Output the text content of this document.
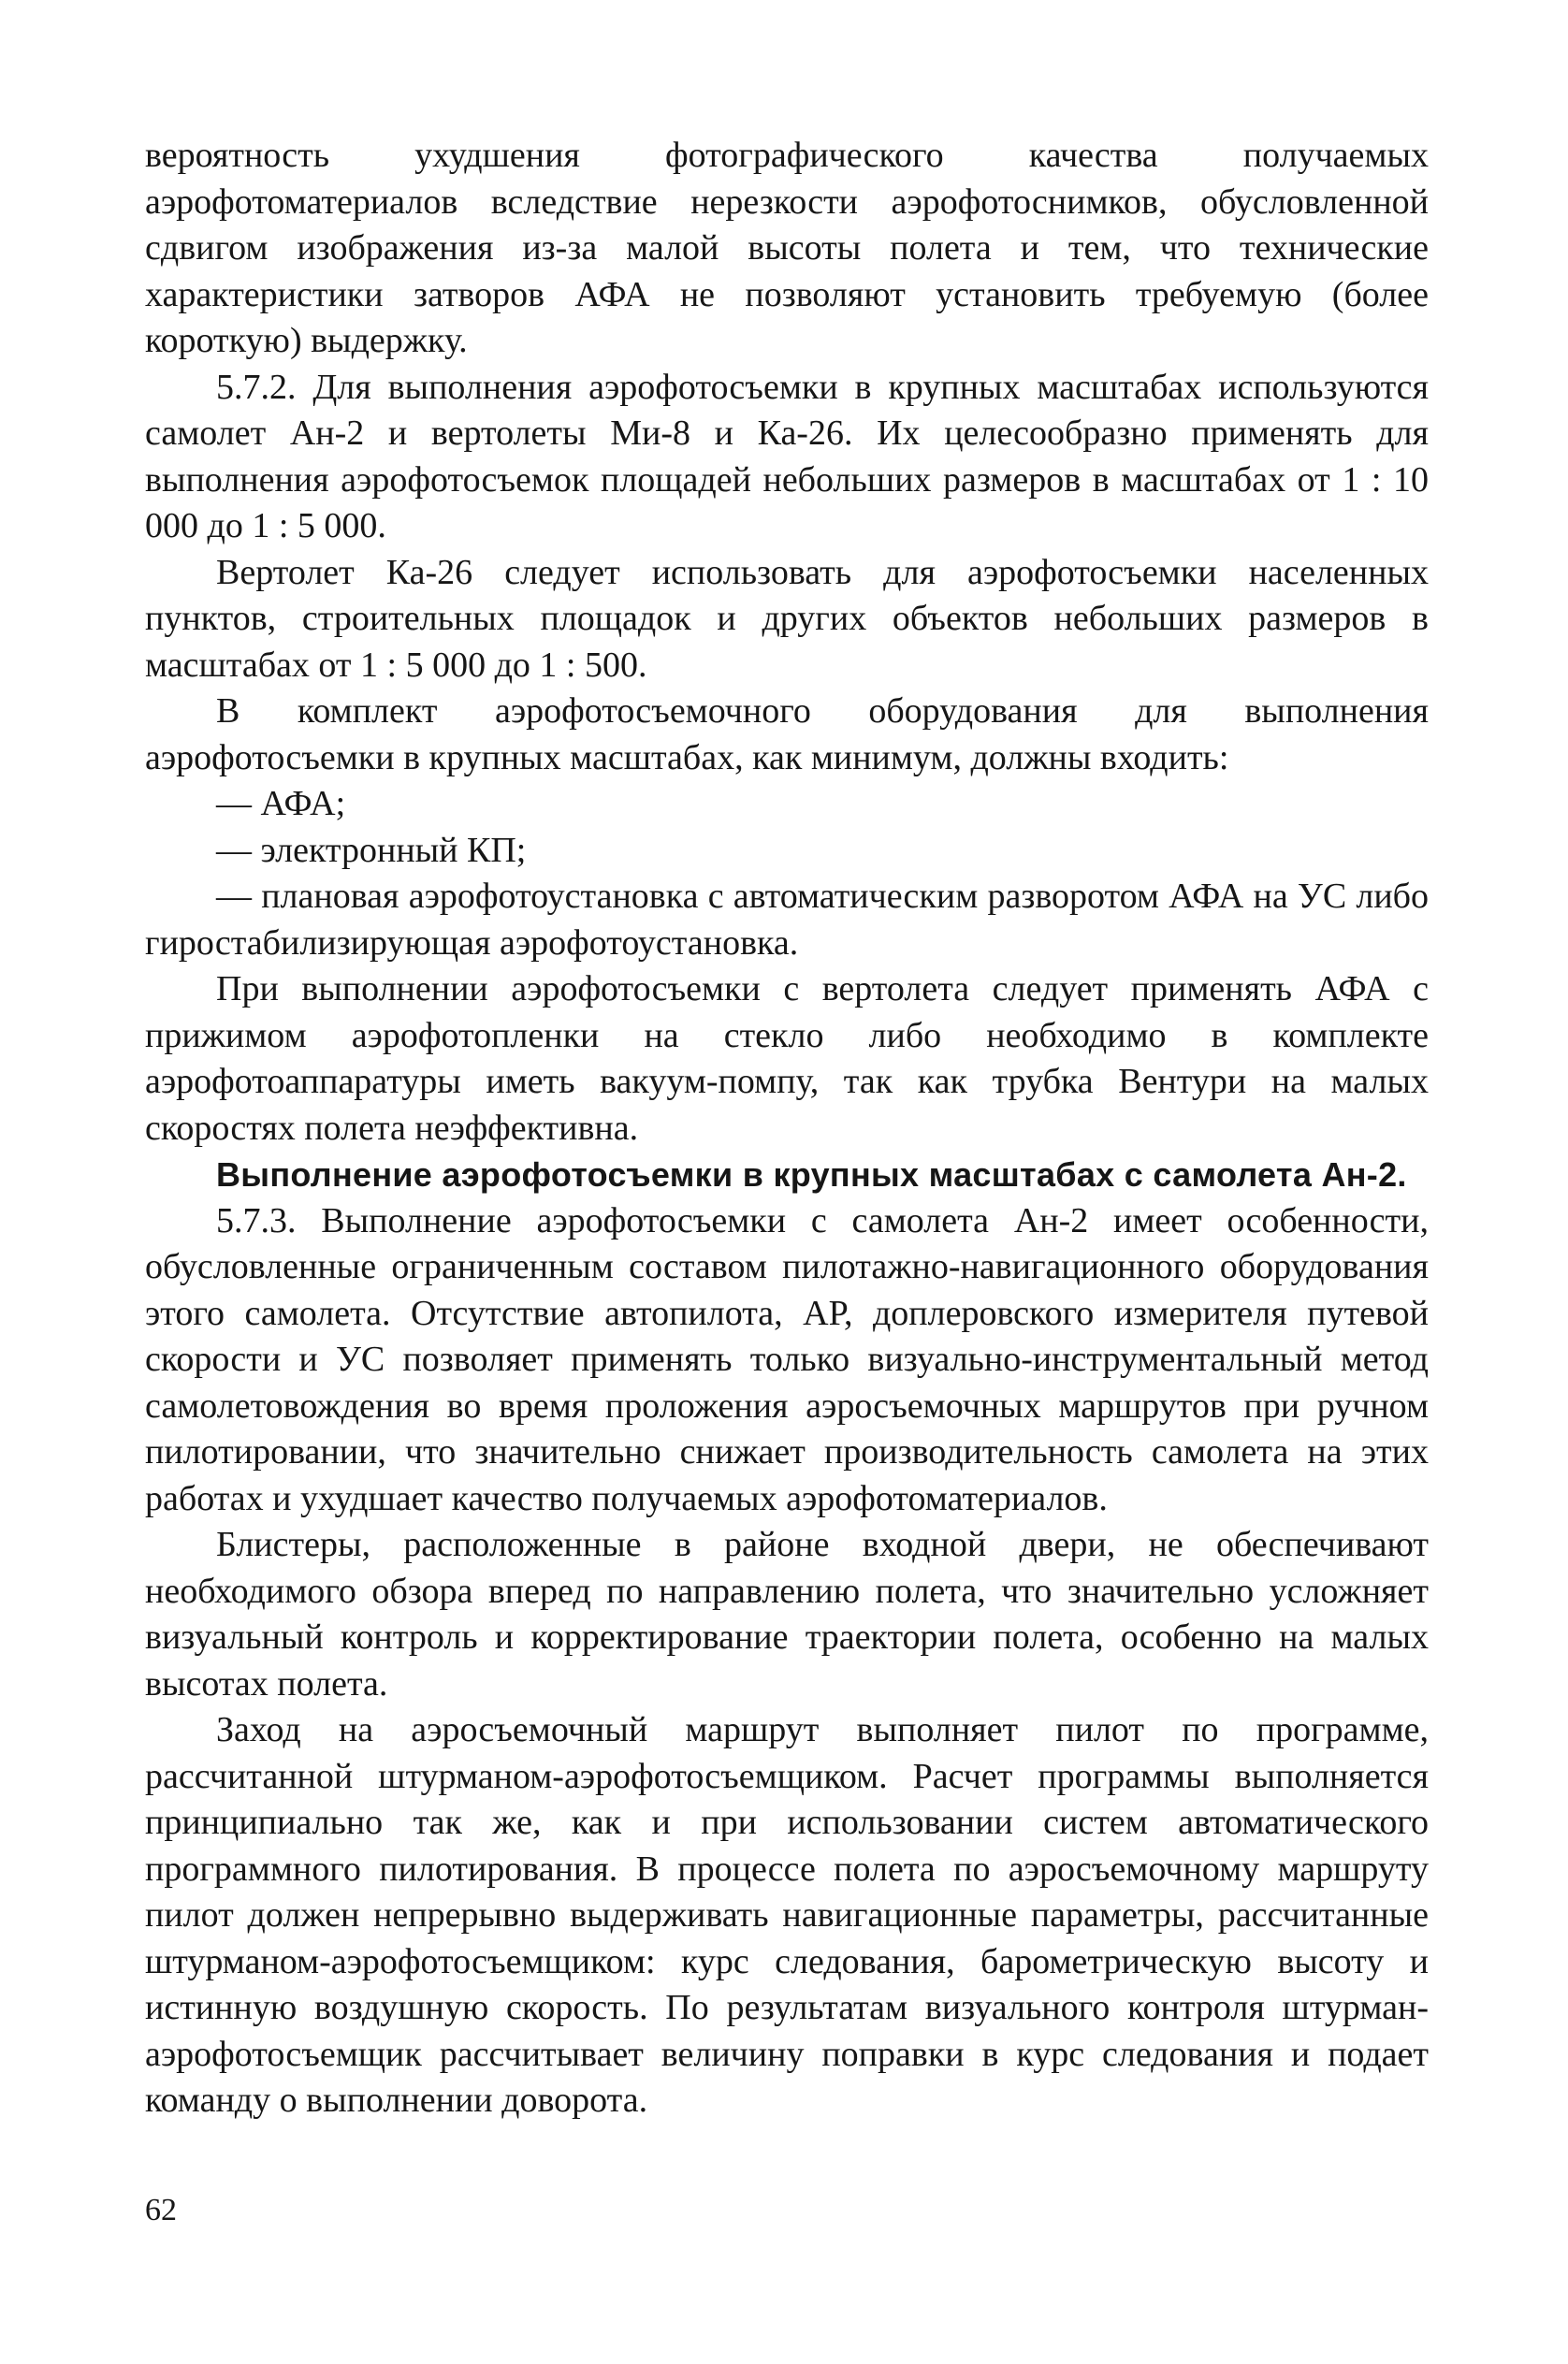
вероятность ухудшения фотографического качества получаемых аэрофотоматериалов вследствие нерезкости аэрофотоснимков, обусловленной сдвигом изображения из-за малой высоты полета и тем, что технические характеристики затворов АФА не позволяют установить требуемую (более короткую) выдержку.

5.7.2. Для выполнения аэрофотосъемки в крупных масштабах используются самолет Ан-2 и вертолеты Ми-8 и Ка-26. Их целесообразно применять для выполнения аэрофотосъемок площадей небольших размеров в масштабах от 1 : 10 000 до 1 : 5 000.

Вертолет Ка-26 следует использовать для аэрофотосъемки населенных пунктов, строительных площадок и других объектов небольших размеров в масштабах от 1 : 5 000 до 1 : 500.

В комплект аэрофотосъемочного оборудования для выполнения аэрофотосъемки в крупных масштабах, как минимум, должны входить:

— АФА;

— электронный КП;

— плановая аэрофотоустановка с автоматическим разворотом АФА на УС либо гиростабилизирующая аэрофотоустановка.

При выполнении аэрофотосъемки с вертолета следует применять АФА с прижимом аэрофотопленки на стекло либо необходимо в комплекте аэрофотоаппаратуры иметь вакуум-помпу, так как трубка Вентури на малых скоростях полета неэффективна.

Выполнение аэрофотосъемки в крупных масштабах с самолета Ан-2.

5.7.3. Выполнение аэрофотосъемки с самолета Ан-2 имеет особенности, обусловленные ограниченным составом пилотажно-навигационного оборудования этого самолета. Отсутствие автопилота, АР, доплеровского измерителя путевой скорости и УС позволяет применять только визуально-инструментальный метод самолетовождения во время проложения аэросъемочных маршрутов при ручном пилотировании, что значительно снижает производительность самолета на этих работах и ухудшает качество получаемых аэрофотоматериалов.

Блистеры, расположенные в районе входной двери, не обеспечивают необходимого обзора вперед по направлению полета, что значительно усложняет визуальный контроль и корректирование траектории полета, особенно на малых высотах полета.

Заход на аэросъемочный маршрут выполняет пилот по программе, рассчитанной штурманом-аэрофотосъемщиком. Расчет программы выполняется принципиально так же, как и при использовании систем автоматического программного пилотирования. В процессе полета по аэросъемочному маршруту пилот должен непрерывно выдерживать навигационные параметры, рассчитанные штурманом-аэрофотосъемщиком: курс следования, барометрическую высоту и истинную воздушную скорость. По результатам визуального контроля штурман-аэрофотосъемщик рассчитывает величину поправки в курс следования и подает команду о выполнении доворота.

62
